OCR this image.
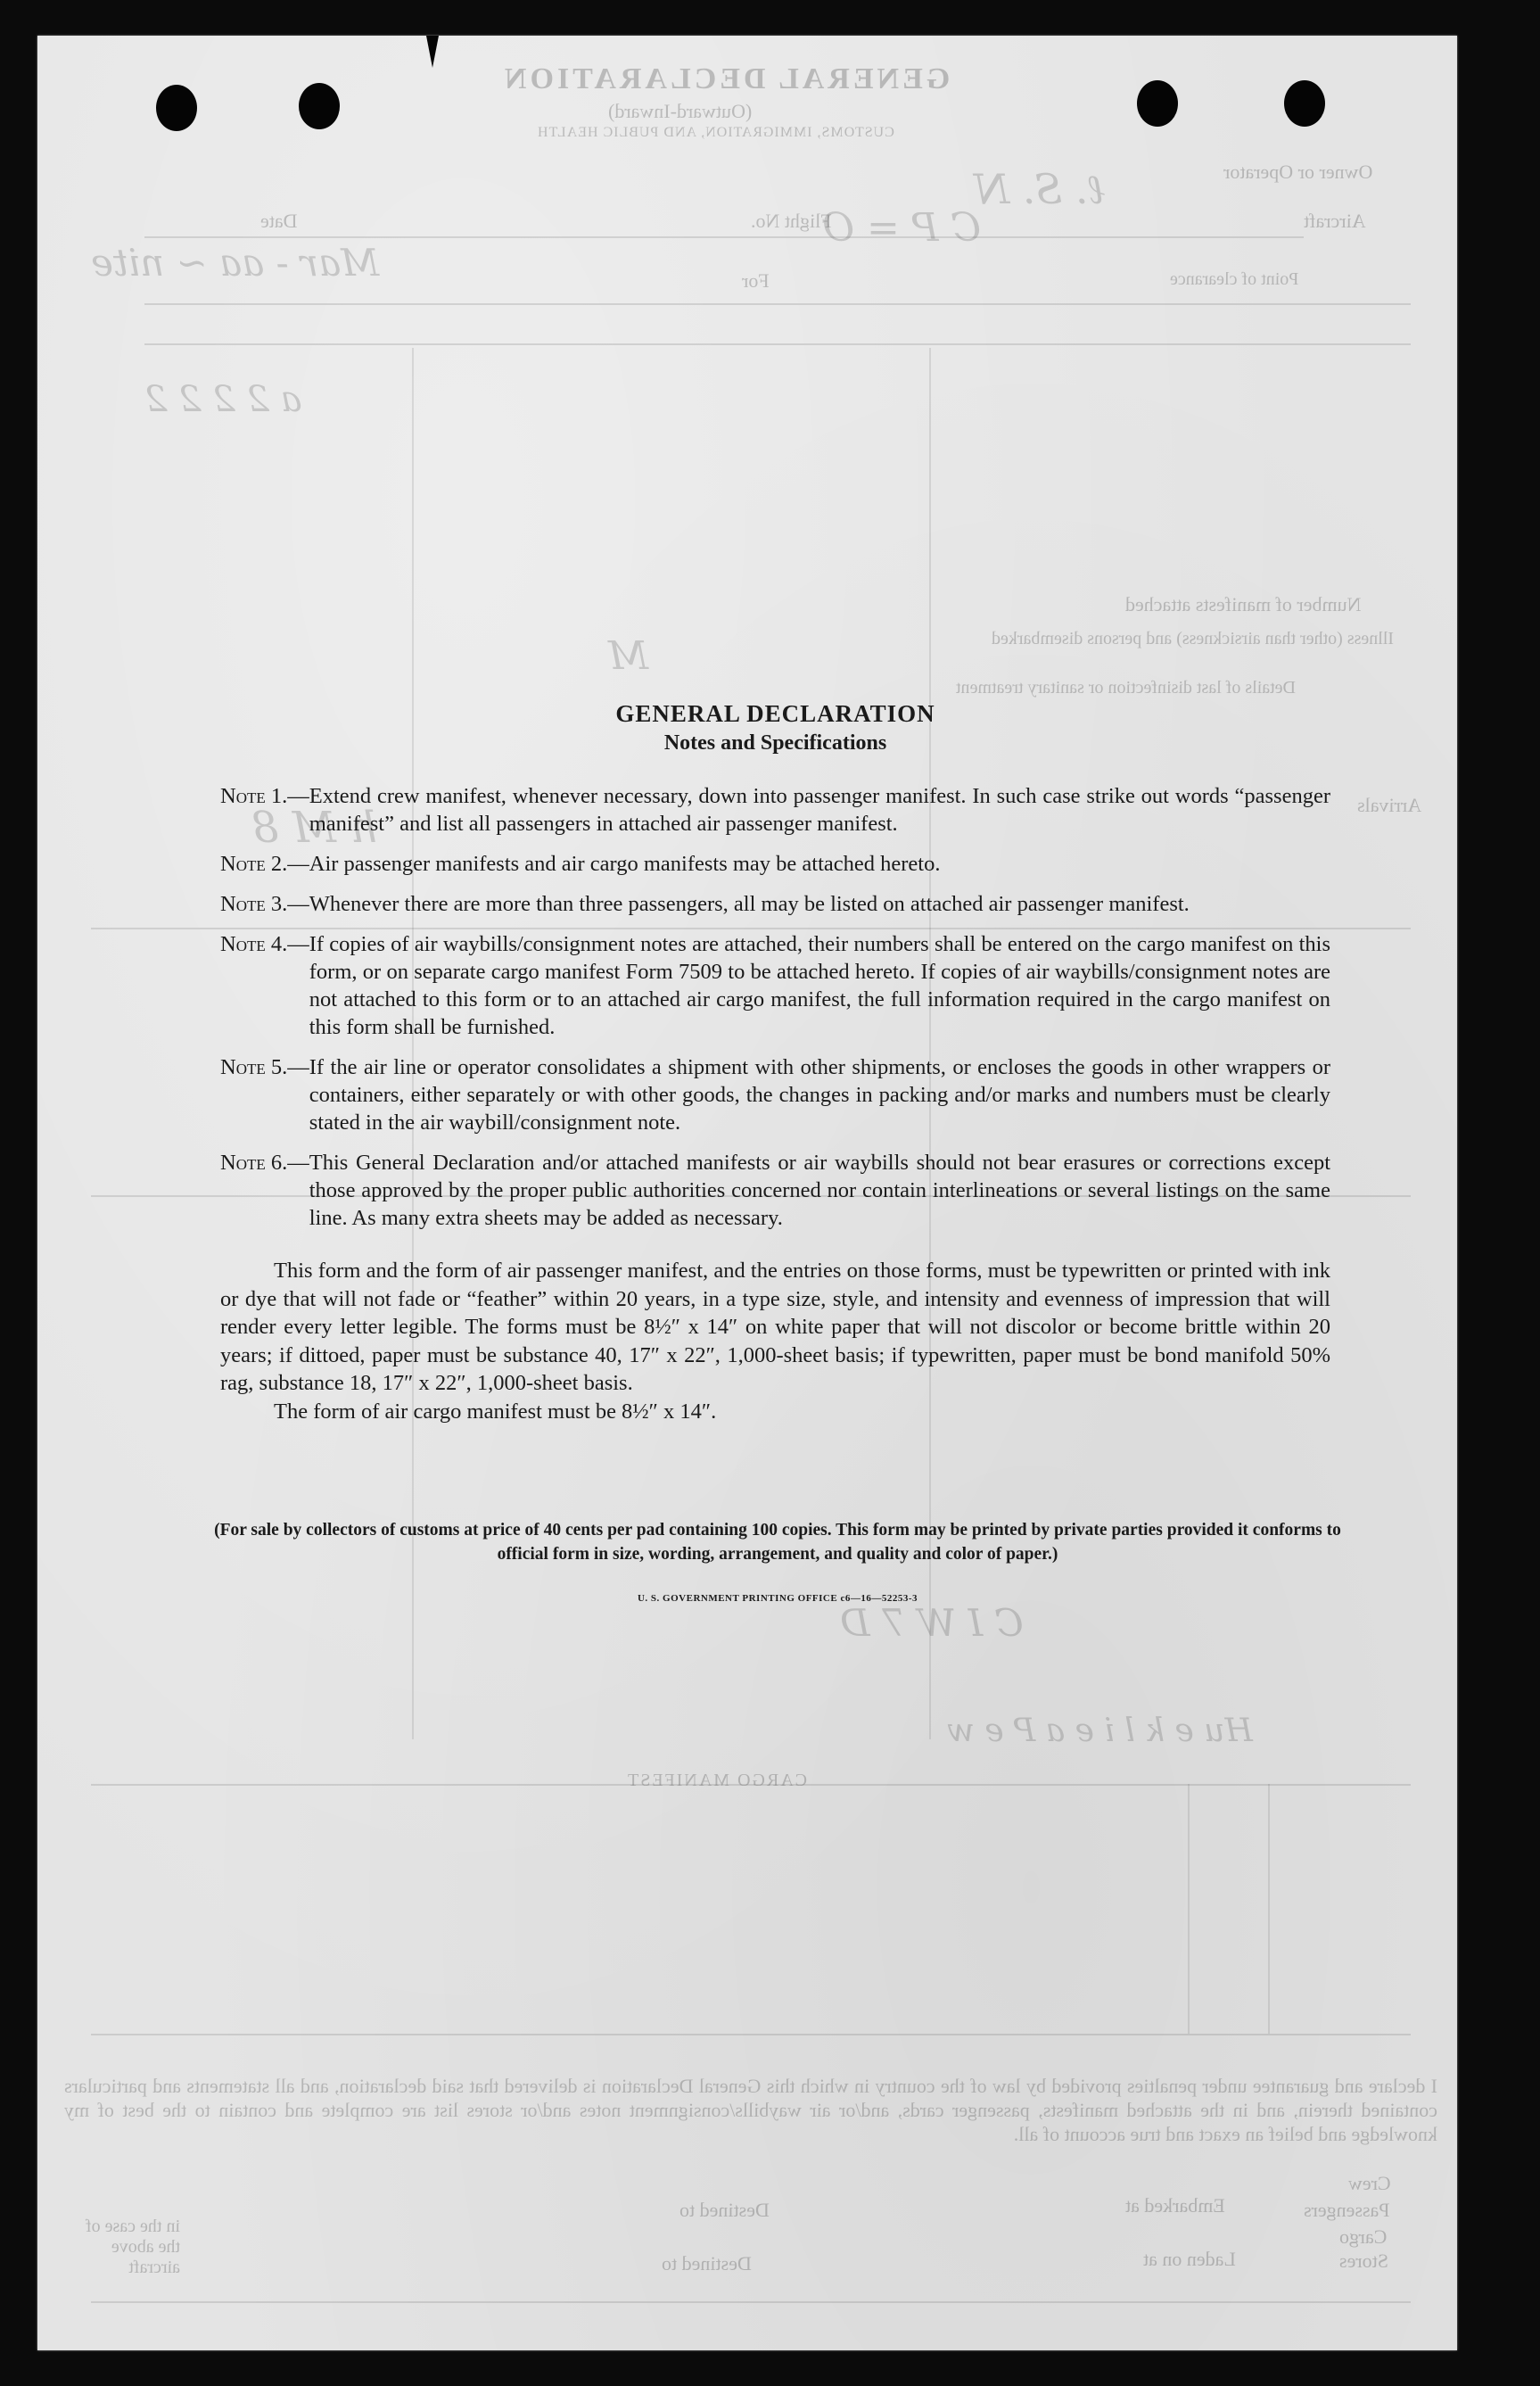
GENERAL DECLARATION
(Outward-Inward)
CUSTOMS, IMMIGRATION, AND PUBLIC HEALTH
Owner or Operator
Aircraft
Flight No.
Date
Point of clearance
For
Number of manifests attached
Illness (other than airsickness) and persons disembarked
Details of last disinfection or sanitary treatment
Arrivals
CARGO MANIFEST
I declare and guarantee under penalties provided by law of the country in which this General Declaration is delivered that said declaration, and all statements and particulars contained therein, and in the attached manifests, passenger cards, and/or air waybills/consignment notes and/or stores list are complete and contain to the best of my knowledge and belief an exact and true account of all.
Crew
Passengers
Cargo
Stores
Embarked at
Laden on at
Destined to
Destined to
in the case of the above aircraft
ℓ. S. N
C P = O
Mar - aa ~ nite
a 2 2 2 2
M
h M 8
C I W 7 D
Hu e k l i e a P e w
GENERAL DECLARATION
Notes and Specifications
Note 1. — Extend crew manifest, whenever necessary, down into passenger manifest. In such case strike out words “passenger manifest” and list all passengers in attached air passenger manifest.
Note 2. — Air passenger manifests and air cargo manifests may be attached hereto.
Note 3. — Whenever there are more than three passengers, all may be listed on attached air passenger manifest.
Note 4. — If copies of air waybills/consignment notes are attached, their numbers shall be entered on the cargo manifest on this form, or on separate cargo manifest Form 7509 to be attached hereto. If copies of air waybills/consignment notes are not attached to this form or to an attached air cargo manifest, the full information required in the cargo manifest on this form shall be furnished.
Note 5. — If the air line or operator consolidates a shipment with other shipments, or encloses the goods in other wrappers or containers, either separately or with other goods, the changes in packing and/or marks and numbers must be clearly stated in the air waybill/consignment note.
Note 6. — This General Declaration and/or attached manifests or air waybills should not bear erasures or corrections except those approved by the proper public authorities concerned nor contain interlineations or several listings on the same line. As many extra sheets may be added as necessary.

This form and the form of air passenger manifest, and the entries on those forms, must be typewritten or printed with ink or dye that will not fade or “feather” within 20 years, in a type size, style, and intensity and evenness of impression that will render every letter legible. The forms must be 8½″ x 14″ on white paper that will not discolor or become brittle within 20 years; if dittoed, paper must be substance 40, 17″ x 22″, 1,000-sheet basis; if typewritten, paper must be bond manifold 50% rag, substance 18, 17″ x 22″, 1,000-sheet basis.

The form of air cargo manifest must be 8½″ x 14″.

(For sale by collectors of customs at price of 40 cents per pad containing 100 copies. This form may be printed by private parties provided it conforms to official form in size, wording, arrangement, and quality and color of paper.)
U. S. GOVERNMENT PRINTING OFFICE c6—16—52253-3
